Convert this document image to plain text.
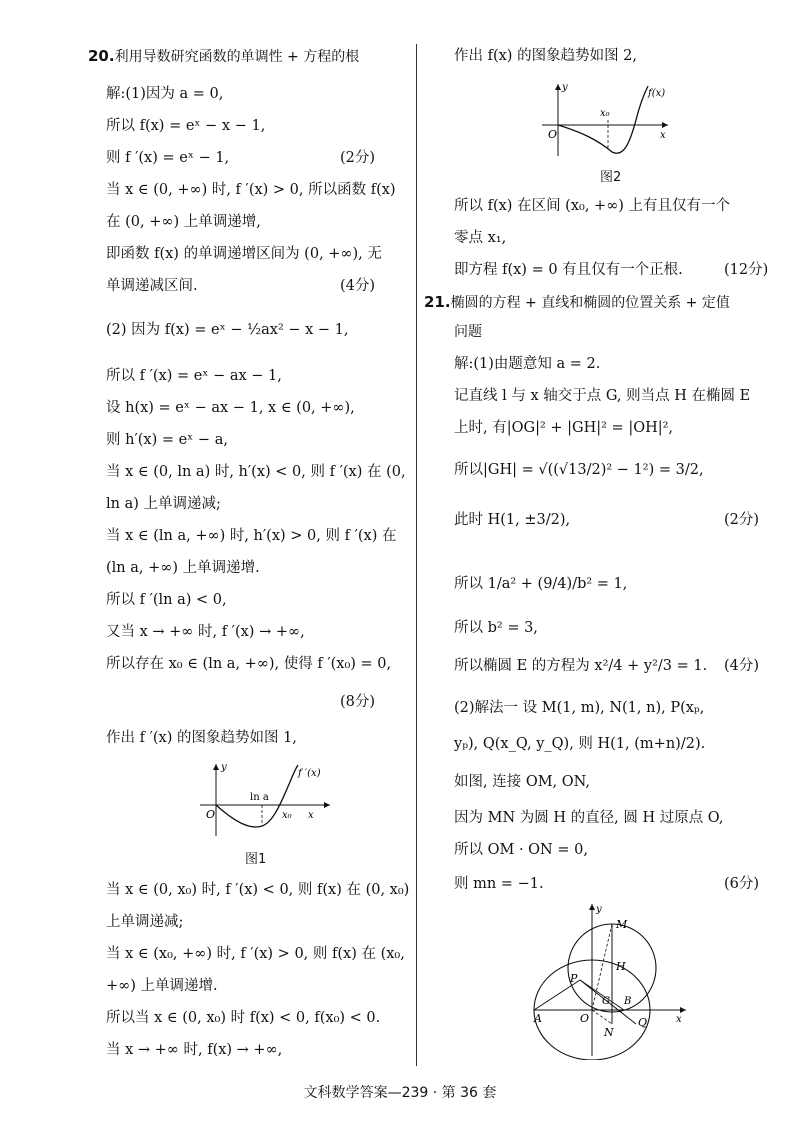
20.利用导数研究函数的单调性 + 方程的根
解:(1)因为 a = 0,
所以 f(x) = eˣ − x − 1,
则 f ′(x) = eˣ − 1,	(2分)
当 x ∈ (0, +∞) 时, f ′(x) > 0, 所以函数 f(x)
在 (0, +∞) 上单调递增,
即函数 f(x) 的单调递增区间为 (0, +∞), 无
单调递减区间.	(4分)
(2) 因为 f(x) = eˣ − ½ax² − x − 1,
所以 f ′(x) = eˣ − ax − 1,
设 h(x) = eˣ − ax − 1, x ∈ (0, +∞),
则 h′(x) = eˣ − a,
当 x ∈ (0, ln a) 时, h′(x) < 0, 则 f ′(x) 在 (0,
ln a) 上单调递减;
当 x ∈ (ln a, +∞) 时, h′(x) > 0, 则 f ′(x) 在
(ln a, +∞) 上单调递增.
所以 f ′(ln a) < 0,
又当 x → +∞ 时, f ′(x) → +∞,
所以存在 x₀ ∈ (ln a, +∞), 使得 f ′(x₀) = 0,
(8分)
作出 f ′(x) 的图象趋势如图 1,
y
f ′(x)
ln a
O	x₀ x
图1
当 x ∈ (0, x₀) 时, f ′(x) < 0, 则 f(x) 在 (0, x₀)
上单调递减;
当 x ∈ (x₀, +∞) 时, f ′(x) > 0, 则 f(x) 在 (x₀,
+∞) 上单调递增.
所以当 x ∈ (0, x₀) 时 f(x) < 0, f(x₀) < 0.
当 x → +∞ 时, f(x) → +∞,
作出 f(x) 的图象趋势如图 2,
y
f(x)
x₀
O	x
图2
所以 f(x) 在区间 (x₀, +∞) 上有且仅有一个
零点 x₁,
即方程 f(x) = 0 有且仅有一个正根.	(12分)
21.椭圆的方程 + 直线和椭圆的位置关系 + 定值
问题
解:(1)由题意知 a = 2.
记直线 l 与 x 轴交于点 G, 则当点 H 在椭圆 E
上时, 有|OG|² + |GH|² = |OH|²,
所以|GH| = √((√13/2)² − 1²) = 3/2,
此时 H(1, ±3/2),	(2分)
所以 1/a² + (9/4)/b² = 1,
所以 b² = 3,
所以椭圆 E 的方程为 x²/4 + y²/3 = 1. (4分)
(2)解法一 设 M(1, m), N(1, n), P(xₚ,
yₚ), Q(x_Q, y_Q), 则 H(1, (m+n)/2).
如图, 连接 OM, ON,
因为 MN 为圆 H 的直径, 圆 H 过原点 O,
所以 OM · ON = 0,
则 mn = −1.	(6分)
y
M
H
P
G B
A	O
N
Q	x
文科数学答案—239 · 第 36 套
